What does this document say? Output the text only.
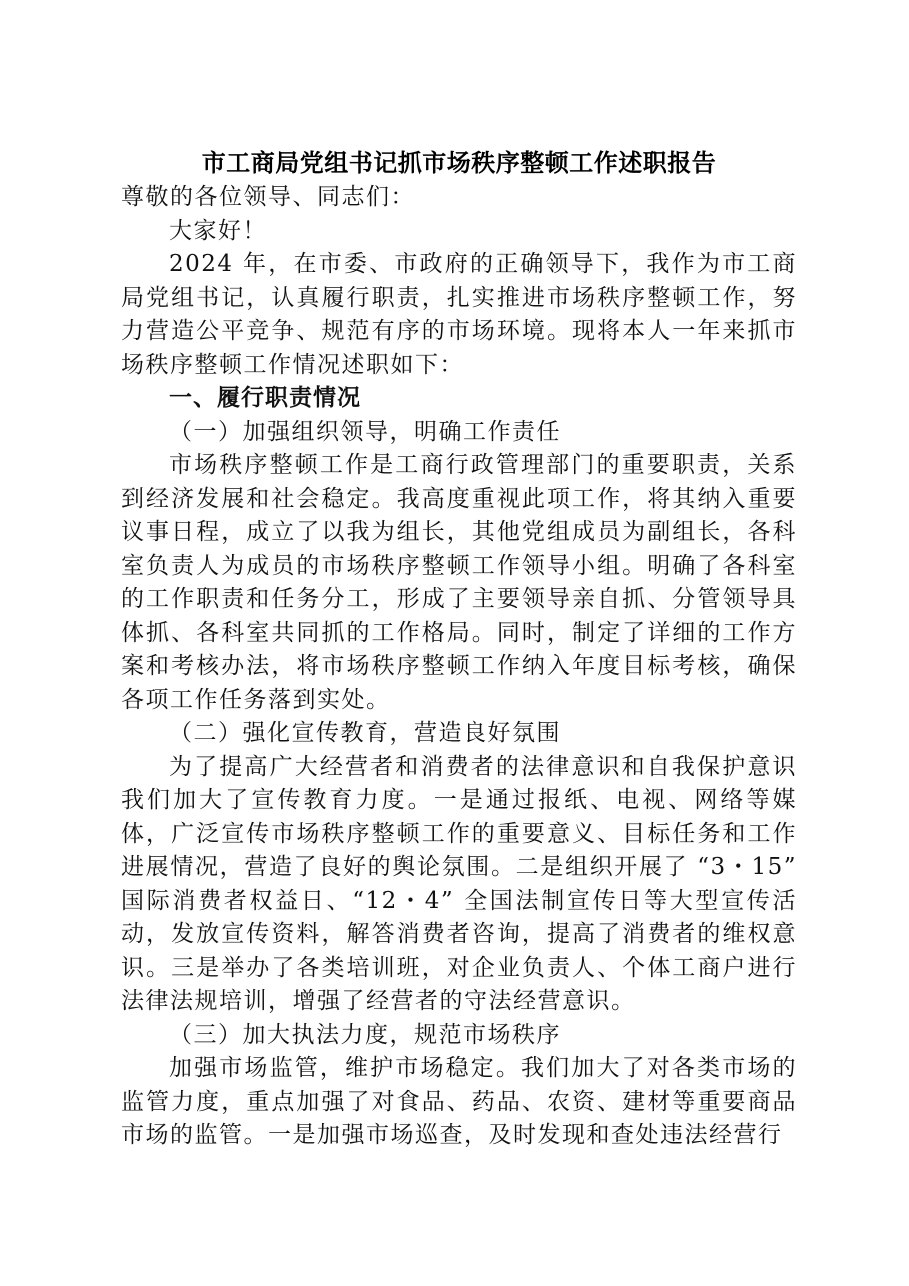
市工商局党组书记抓市场秩序整顿工作述职报告

尊敬的各位领导、同志们：

大家好！

2024 年，在市委、市政府的正确领导下，我作为市工商局党组书记，认真履行职责，扎实推进市场秩序整顿工作，努力营造公平竞争、规范有序的市场环境。现将本人一年来抓市场秩序整顿工作情况述职如下：

一、履行职责情况

（一）加强组织领导，明确工作责任

市场秩序整顿工作是工商行政管理部门的重要职责，关系到经济发展和社会稳定。我高度重视此项工作，将其纳入重要议事日程，成立了以我为组长，其他党组成员为副组长，各科室负责人为成员的市场秩序整顿工作领导小组。明确了各科室的工作职责和任务分工，形成了主要领导亲自抓、分管领导具体抓、各科室共同抓的工作格局。同时，制定了详细的工作方案和考核办法，将市场秩序整顿工作纳入年度目标考核，确保各项工作任务落到实处。

（二）强化宣传教育，营造良好氛围

为了提高广大经营者和消费者的法律意识和自我保护意识我们加大了宣传教育力度。一是通过报纸、电视、网络等媒体，广泛宣传市场秩序整顿工作的重要意义、目标任务和工作进展情况，营造了良好的舆论氛围。二是组织开展了 “3・15” 国际消费者权益日、“12・4” 全国法制宣传日等大型宣传活动，发放宣传资料，解答消费者咨询，提高了消费者的维权意识。三是举办了各类培训班，对企业负责人、个体工商户进行法律法规培训，增强了经营者的守法经营意识。

（三）加大执法力度，规范市场秩序

加强市场监管，维护市场稳定。我们加大了对各类市场的监管力度，重点加强了对食品、药品、农资、建材等重要商品市场的监管。一是加强市场巡查，及时发现和查处违法经营行
